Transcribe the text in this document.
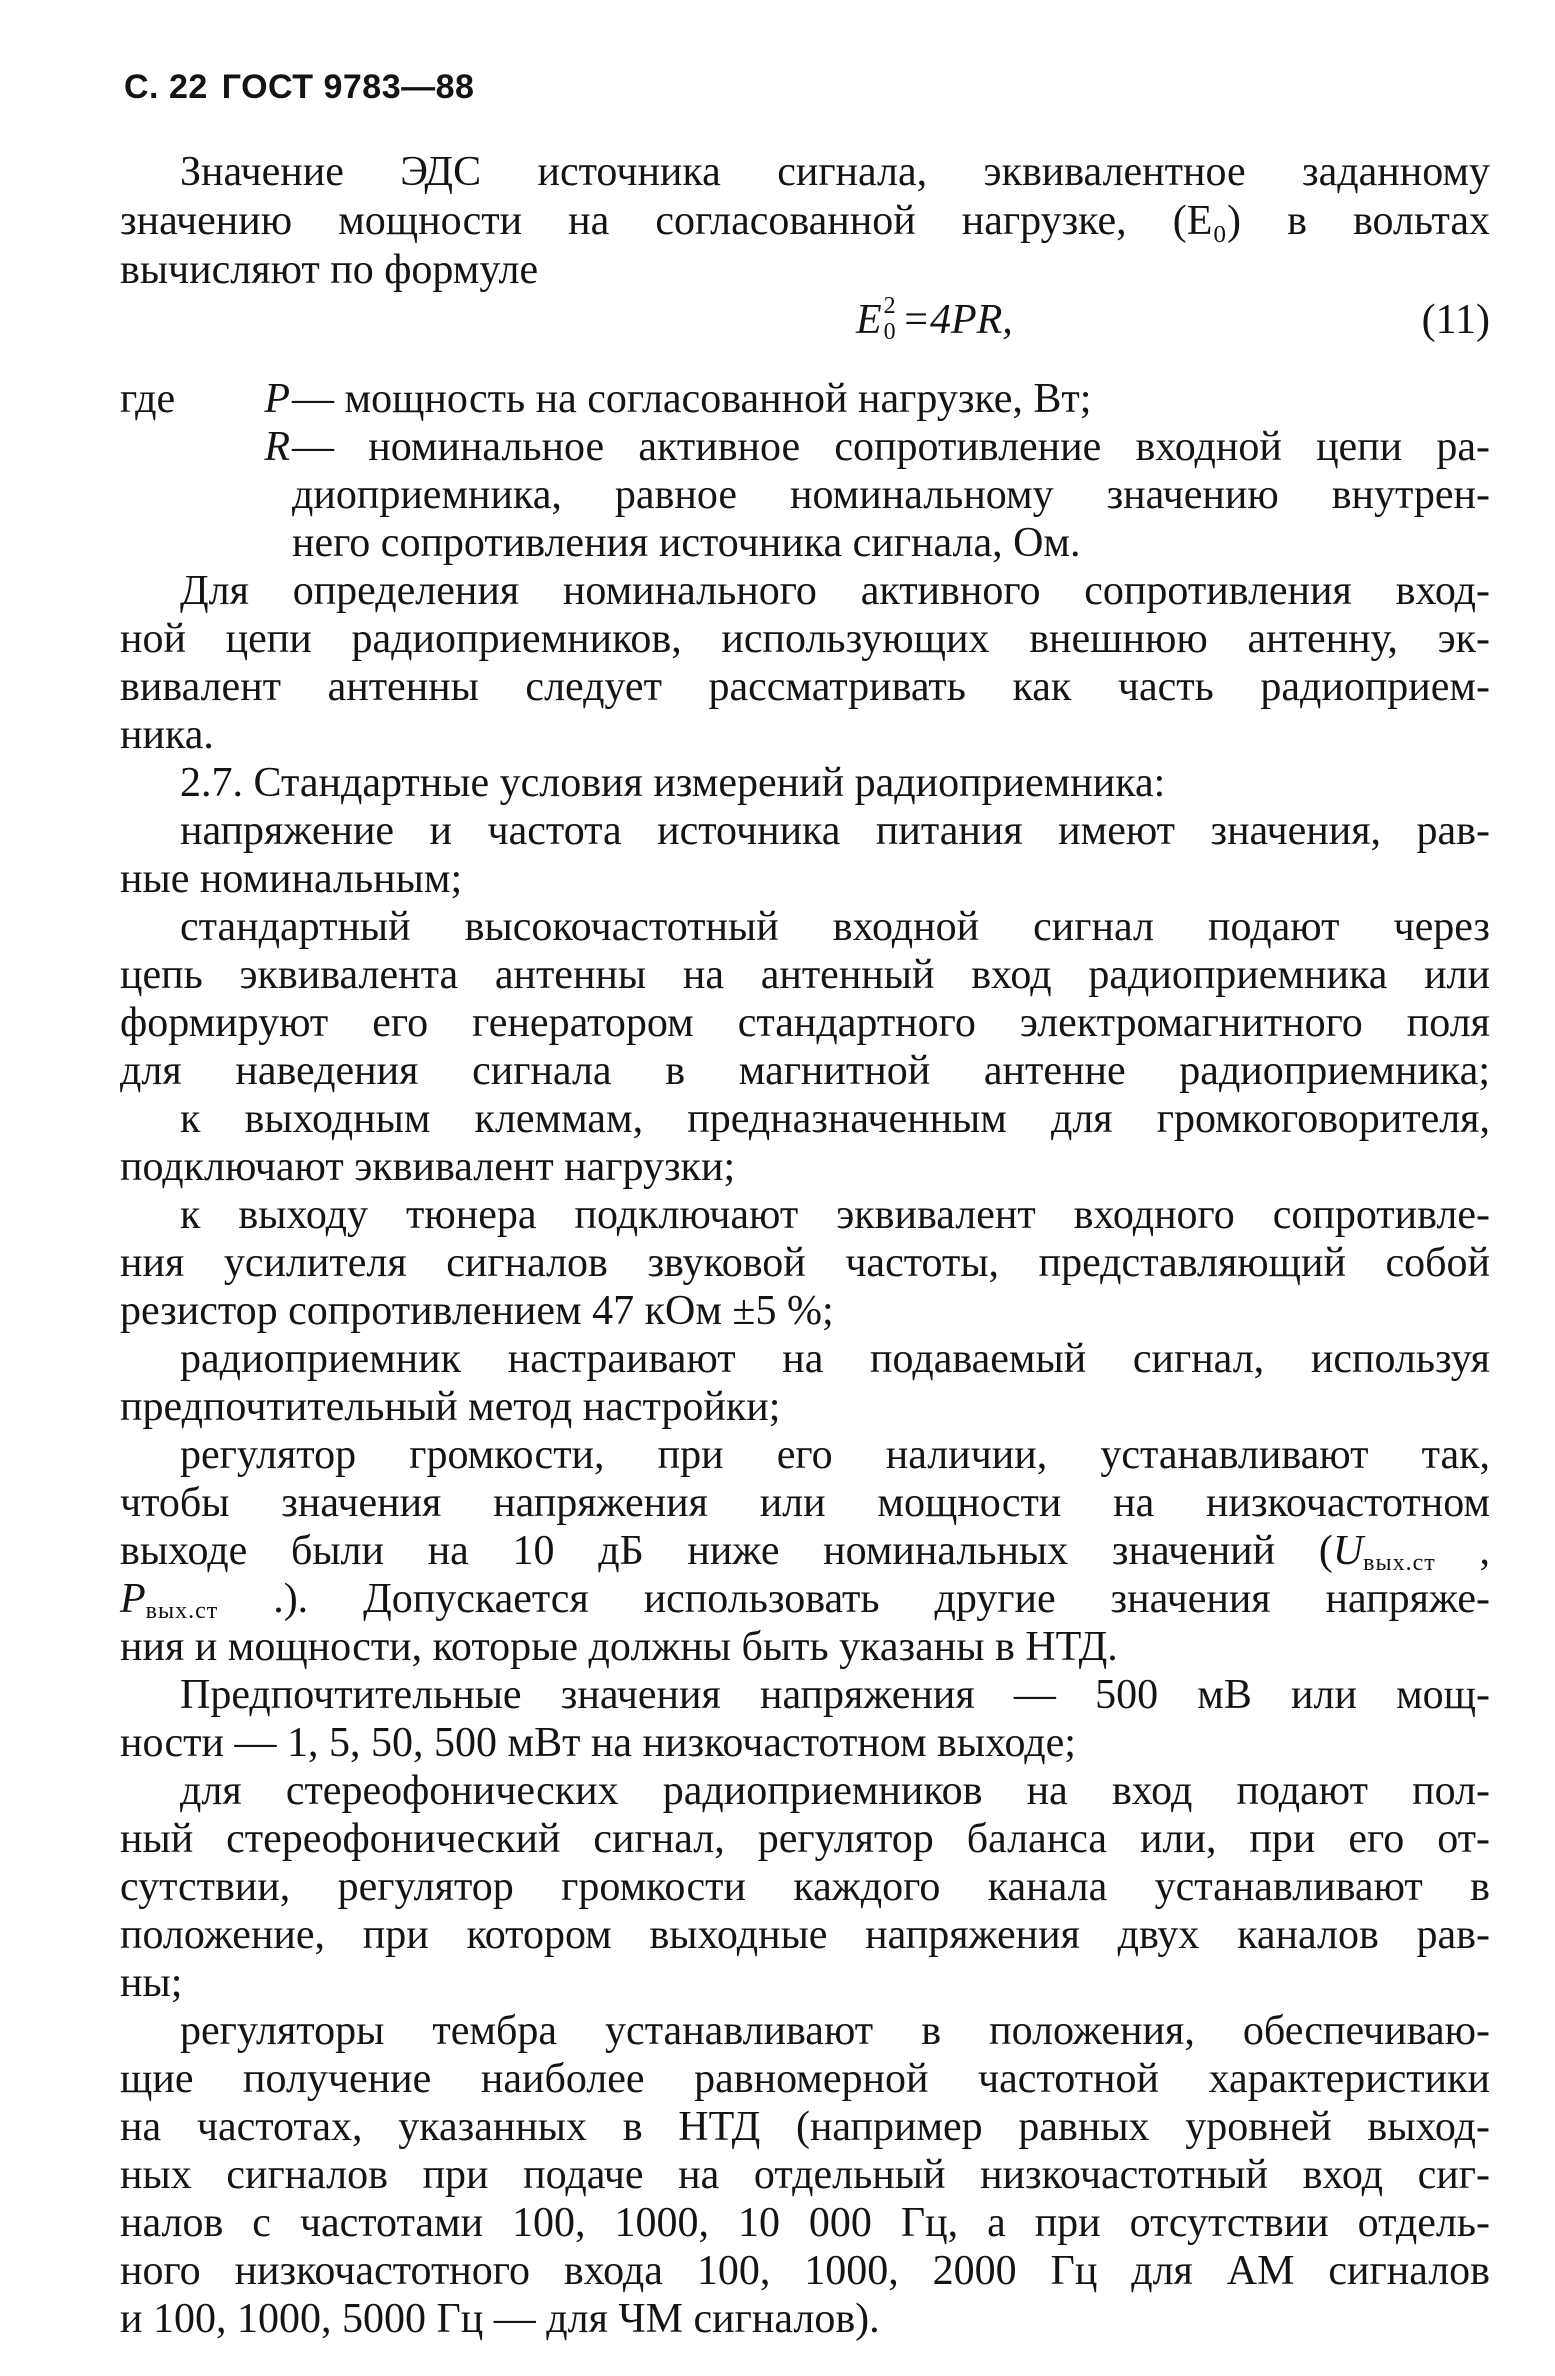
С. 22 ГОСТ 9783—88
Значение ЭДС источника сигнала, эквивалентное заданному
значению мощности на согласованной нагрузке, (E₀) в вольтах
вычисляют по формуле
E 2
0 =4PR,	(11)
где	P — мощность на согласованной нагрузке, Вт;
R — номинальное активное сопротивление входной цепи ра-
диоприемника, равное номинальному значению внутрен-
него сопротивления источника сигнала, Ом.
Для определения номинального активного сопротивления вход-
ной цепи радиоприемников, использующих внешнюю антенну, эк-
вивалент антенны следует рассматривать как часть радиоприем-
ника.
2.7. Стандартные условия измерений радиоприемника:
напряжение и частота источника питания имеют значения, рав-
ные номинальным;
стандартный высокочастотный входной сигнал подают через
цепь эквивалента антенны на антенный вход радиоприемника или
формируют его генератором стандартного электромагнитного поля
для наведения сигнала в магнитной антенне радиоприемника;
к выходным клеммам, предназначенным для громкоговорителя,
подключают эквивалент нагрузки;
к выходу тюнера подключают эквивалент входного сопротивле-
ния усилителя сигналов звуковой частоты, представляющий собой
резистор сопротивлением 47 кОм ±5 %;
радиоприемник настраивают на подаваемый сигнал, используя
предпочтительный метод настройки;
регулятор громкости, при его наличии, устанавливают так,
чтобы значения напряжения или мощности на низкочастотном
выходе были на 10 дБ ниже номинальных значений (Uвых.ст ,
Pвых.ст .). Допускается использовать другие значения напряже-
ния и мощности, которые должны быть указаны в НТД.
Предпочтительные значения напряжения — 500 мВ или мощ-
ности — 1, 5, 50, 500 мВт на низкочастотном выходе;
для стереофонических радиоприемников на вход подают пол-
ный стереофонический сигнал, регулятор баланса или, при его от-
сутствии, регулятор громкости каждого канала устанавливают в
положение, при котором выходные напряжения двух каналов рав-
ны;
регуляторы тембра устанавливают в положения, обеспечиваю-
щие получение наиболее равномерной частотной характеристики
на частотах, указанных в НТД (например равных уровней выход-
ных сигналов при подаче на отдельный низкочастотный вход сиг-
налов с частотами 100, 1000, 10 000 Гц, а при отсутствии отдель-
ного низкочастотного входа 100, 1000, 2000 Гц для АМ сигналов
и 100, 1000, 5000 Гц — для ЧМ сигналов).
